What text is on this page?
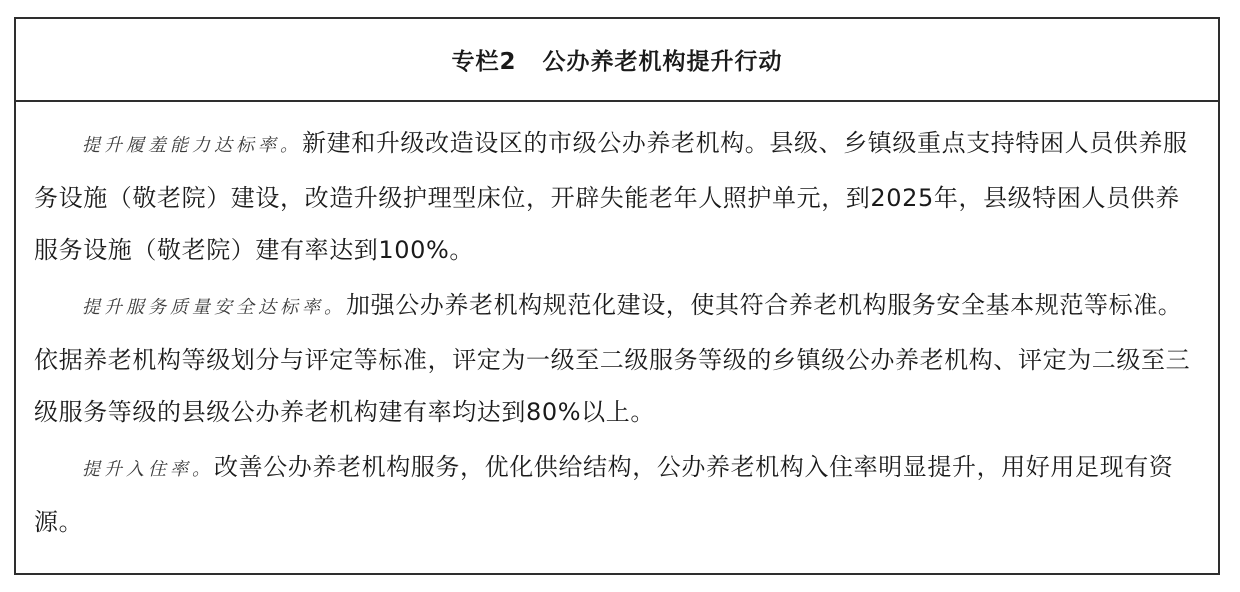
专栏2 公办养老机构提升行动

提升履羞能力达标率。新建和升级改造设区的市级公办养老机构。县级、乡镇级重点支持特困人员供养服务设施（敬老院）建设，改造升级护理型床位，开辟失能老年人照护单元，到2025年，县级特困人员供养服务设施（敬老院）建有率达到100%。

提升服务质量安全达标率。加强公办养老机构规范化建设，使其符合养老机构服务安全基本规范等标准。依据养老机构等级划分与评定等标准，评定为一级至二级服务等级的乡镇级公办养老机构、评定为二级至三级服务等级的县级公办养老机构建有率均达到80%以上。

提升入住率。改善公办养老机构服务，优化供给结构，公办养老机构入住率明显提升，用好用足现有资源。
